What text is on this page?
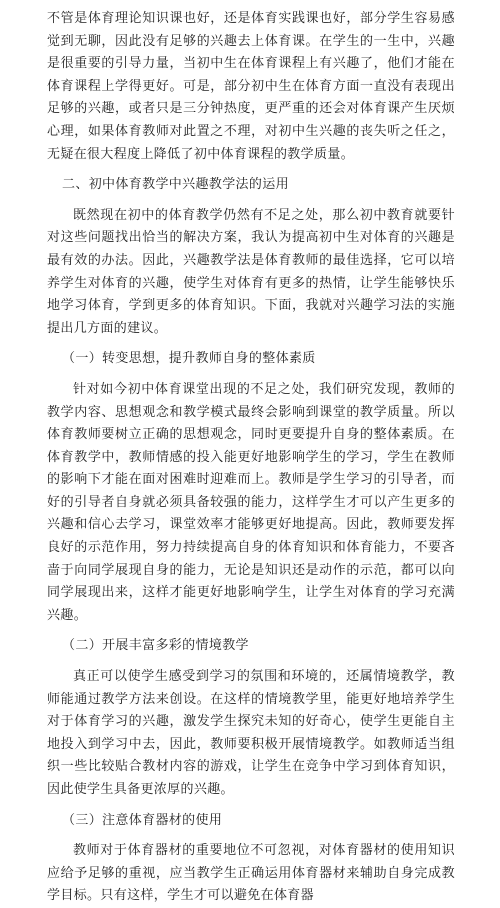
不管是体育理论知识课也好，还是体育实践课也好，部分学生容易感觉到无聊，因此没有足够的兴趣去上体育课。在学生的一生中，兴趣是很重要的引导力量，当初中生在体育课程上有兴趣了，他们才能在体育课程上学得更好。可是，部分初中生在体育方面一直没有表现出足够的兴趣，或者只是三分钟热度，更严重的还会对体育课产生厌烦心理，如果体育教师对此置之不理，对初中生兴趣的丧失听之任之，无疑在很大程度上降低了初中体育课程的教学质量。

二、初中体育教学中兴趣教学法的运用

既然现在初中的体育教学仍然有不足之处，那么初中教育就要针对这些问题找出恰当的解决方案，我认为提高初中生对体育的兴趣是最有效的办法。因此，兴趣教学法是体育教师的最佳选择，它可以培养学生对体育的兴趣，使学生对体育有更多的热情，让学生能够快乐地学习体育，学到更多的体育知识。下面，我就对兴趣学习法的实施提出几方面的建议。

（一）转变思想，提升教师自身的整体素质

针对如今初中体育课堂出现的不足之处，我们研究发现，教师的教学内容、思想观念和教学模式最终会影响到课堂的教学质量。所以体育教师要树立正确的思想观念，同时更要提升自身的整体素质。在体育教学中，教师情感的投入能更好地影响学生的学习，学生在教师的影响下才能在面对困难时迎难而上。教师是学生学习的引导者，而好的引导者自身就必须具备较强的能力，这样学生才可以产生更多的兴趣和信心去学习，课堂效率才能够更好地提高。因此，教师要发挥良好的示范作用，努力持续提高自身的体育知识和体育能力，不要吝啬于向同学展现自身的能力，无论是知识还是动作的示范，都可以向同学展现出来，这样才能更好地影响学生，让学生对体育的学习充满兴趣。

（二）开展丰富多彩的情境教学

真正可以使学生感受到学习的氛围和环境的，还属情境教学，教师能通过教学方法来创设。在这样的情境教学里，能更好地培养学生对于体育学习的兴趣，激发学生探究未知的好奇心，使学生更能自主地投入到学习中去，因此，教师要积极开展情境教学。如教师适当组织一些比较贴合教材内容的游戏，让学生在竞争中学习到体育知识，因此使学生具备更浓厚的兴趣。

（三）注意体育器材的使用

教师对于体育器材的重要地位不可忽视，对体育器材的使用知识应给予足够的重视，应当教学生正确运用体育器材来辅助自身完成教学目标。只有这样，学生才可以避免在体育器
